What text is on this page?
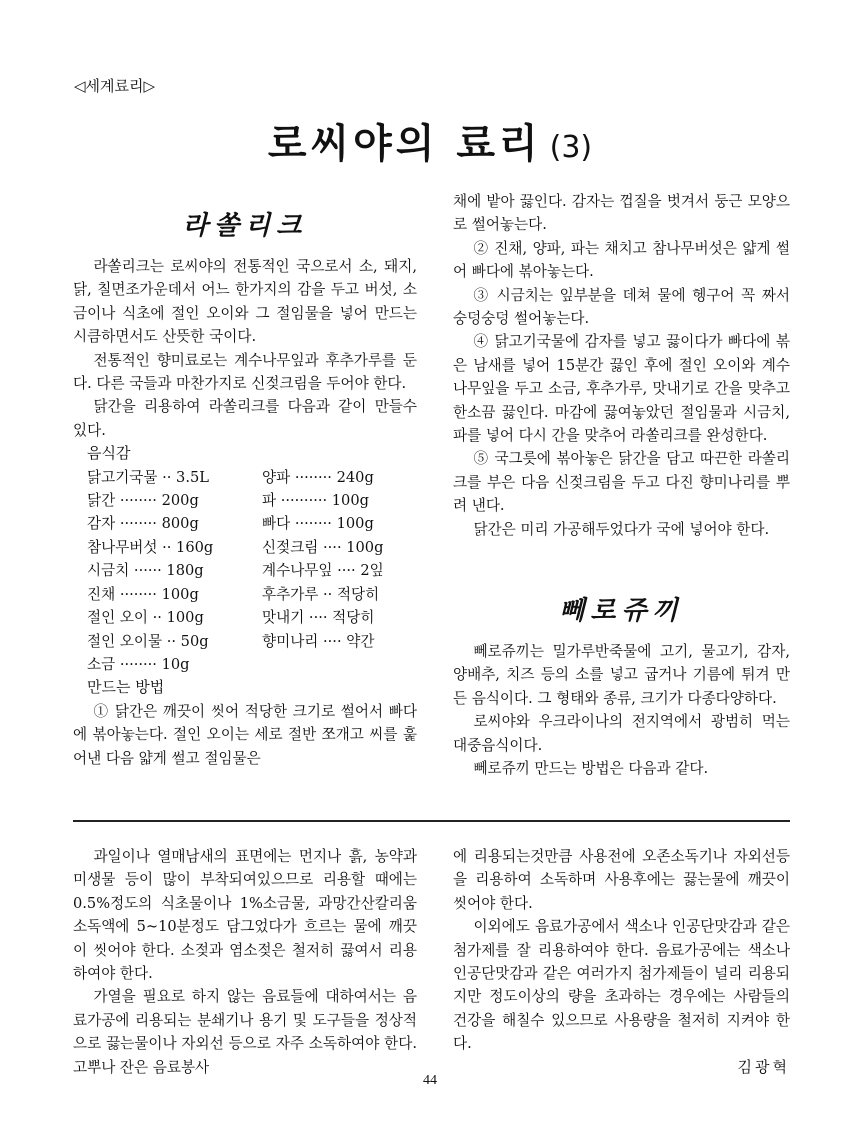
◁세계료리▷
로씨야의 료리 (3)
라쏠리크

라쏠리크는 로씨야의 전통적인 국으로서 소, 돼지, 닭, 칠면조가운데서 어느 한가지의 감을 두고 버섯, 소금이나 식초에 절인 오이와 그 절임물을 넣어 만드는 시큼하면서도 산뜻한 국이다.

전통적인 향미료로는 계수나무잎과 후추가루를 둔다. 다른 국들과 마찬가지로 신젖크림을 두어야 한다.

닭간을 리용하여 라쏠리크를 다음과 같이 만들수 있다.

음식감
닭고기국물 ·· 3.5L	양파 ········ 240g
닭간 ········ 200g	파 ·········· 100g
감자 ········ 800g	빠다 ········ 100g
참나무버섯 ·· 160g	신젖크림 ···· 100g
시금치 ······ 180g	계수나무잎 ···· 2잎
진채 ········ 100g	후추가루 ·· 적당히
절인 오이 ·· 100g	맛내기 ···· 적당히
절인 오이물 ·· 50g	향미나리 ···· 약간
소금 ········ 10g	
만드는 방법

① 닭간은 깨끗이 씻어 적당한 크기로 썰어서 빠다에 볶아놓는다. 절인 오이는 세로 절반 쪼개고 씨를 훑어낸 다음 얇게 썰고 절임물은

채에 밭아 끓인다. 감자는 껍질을 벗겨서 둥근 모양으로 썰어놓는다.

② 진채, 양파, 파는 채치고 참나무버섯은 얇게 썰어 빠다에 볶아놓는다.

③ 시금치는 잎부분을 데쳐 물에 헹구어 꼭 짜서 숭덩숭덩 썰어놓는다.

④ 닭고기국물에 감자를 넣고 끓이다가 빠다에 볶은 남새를 넣어 15분간 끓인 후에 절인 오이와 계수나무잎을 두고 소금, 후추가루, 맛내기로 간을 맞추고 한소끔 끓인다. 마감에 끓여놓았던 절임물과 시금치, 파를 넣어 다시 간을 맞추어 라쏠리크를 완성한다.

⑤ 국그릇에 볶아놓은 닭간을 담고 따끈한 라쏠리크를 부은 다음 신젖크림을 두고 다진 향미나리를 뿌려 낸다.

닭간은 미리 가공해두었다가 국에 넣어야 한다.

뻬로쥬끼

뻬로쥬끼는 밀가루반죽물에 고기, 물고기, 감자, 양배추, 치즈 등의 소를 넣고 굽거나 기름에 튀겨 만든 음식이다. 그 형태와 종류, 크기가 다종다양하다.

로씨야와 우크라이나의 전지역에서 광범히 먹는 대중음식이다.

뻬로쥬끼 만드는 방법은 다음과 같다.

과일이나 열매남새의 표면에는 먼지나 흙, 농약과 미생물 등이 많이 부착되여있으므로 리용할 때에는 0.5%정도의 식초물이나 1%소금물, 과망간산칼리움소독액에 5~10분정도 담그었다가 흐르는 물에 깨끗이 씻어야 한다. 소젖과 염소젖은 철저히 끓여서 리용하여야 한다.

가열을 필요로 하지 않는 음료들에 대하여서는 음료가공에 리용되는 분쇄기나 용기 및 도구들을 정상적으로 끓는물이나 자외선 등으로 자주 소독하여야 한다. 고뿌나 잔은 음료봉사

에 리용되는것만큼 사용전에 오존소독기나 자외선등을 리용하여 소독하며 사용후에는 끓는물에 깨끗이 씻어야 한다.

이외에도 음료가공에서 색소나 인공단맛감과 같은 첨가제를 잘 리용하여야 한다. 음료가공에는 색소나 인공단맛감과 같은 여러가지 첨가제들이 널리 리용되지만 정도이상의 량을 초과하는 경우에는 사람들의 건강을 해칠수 있으므로 사용량을 철저히 지켜야 한다.

김광혁
44
